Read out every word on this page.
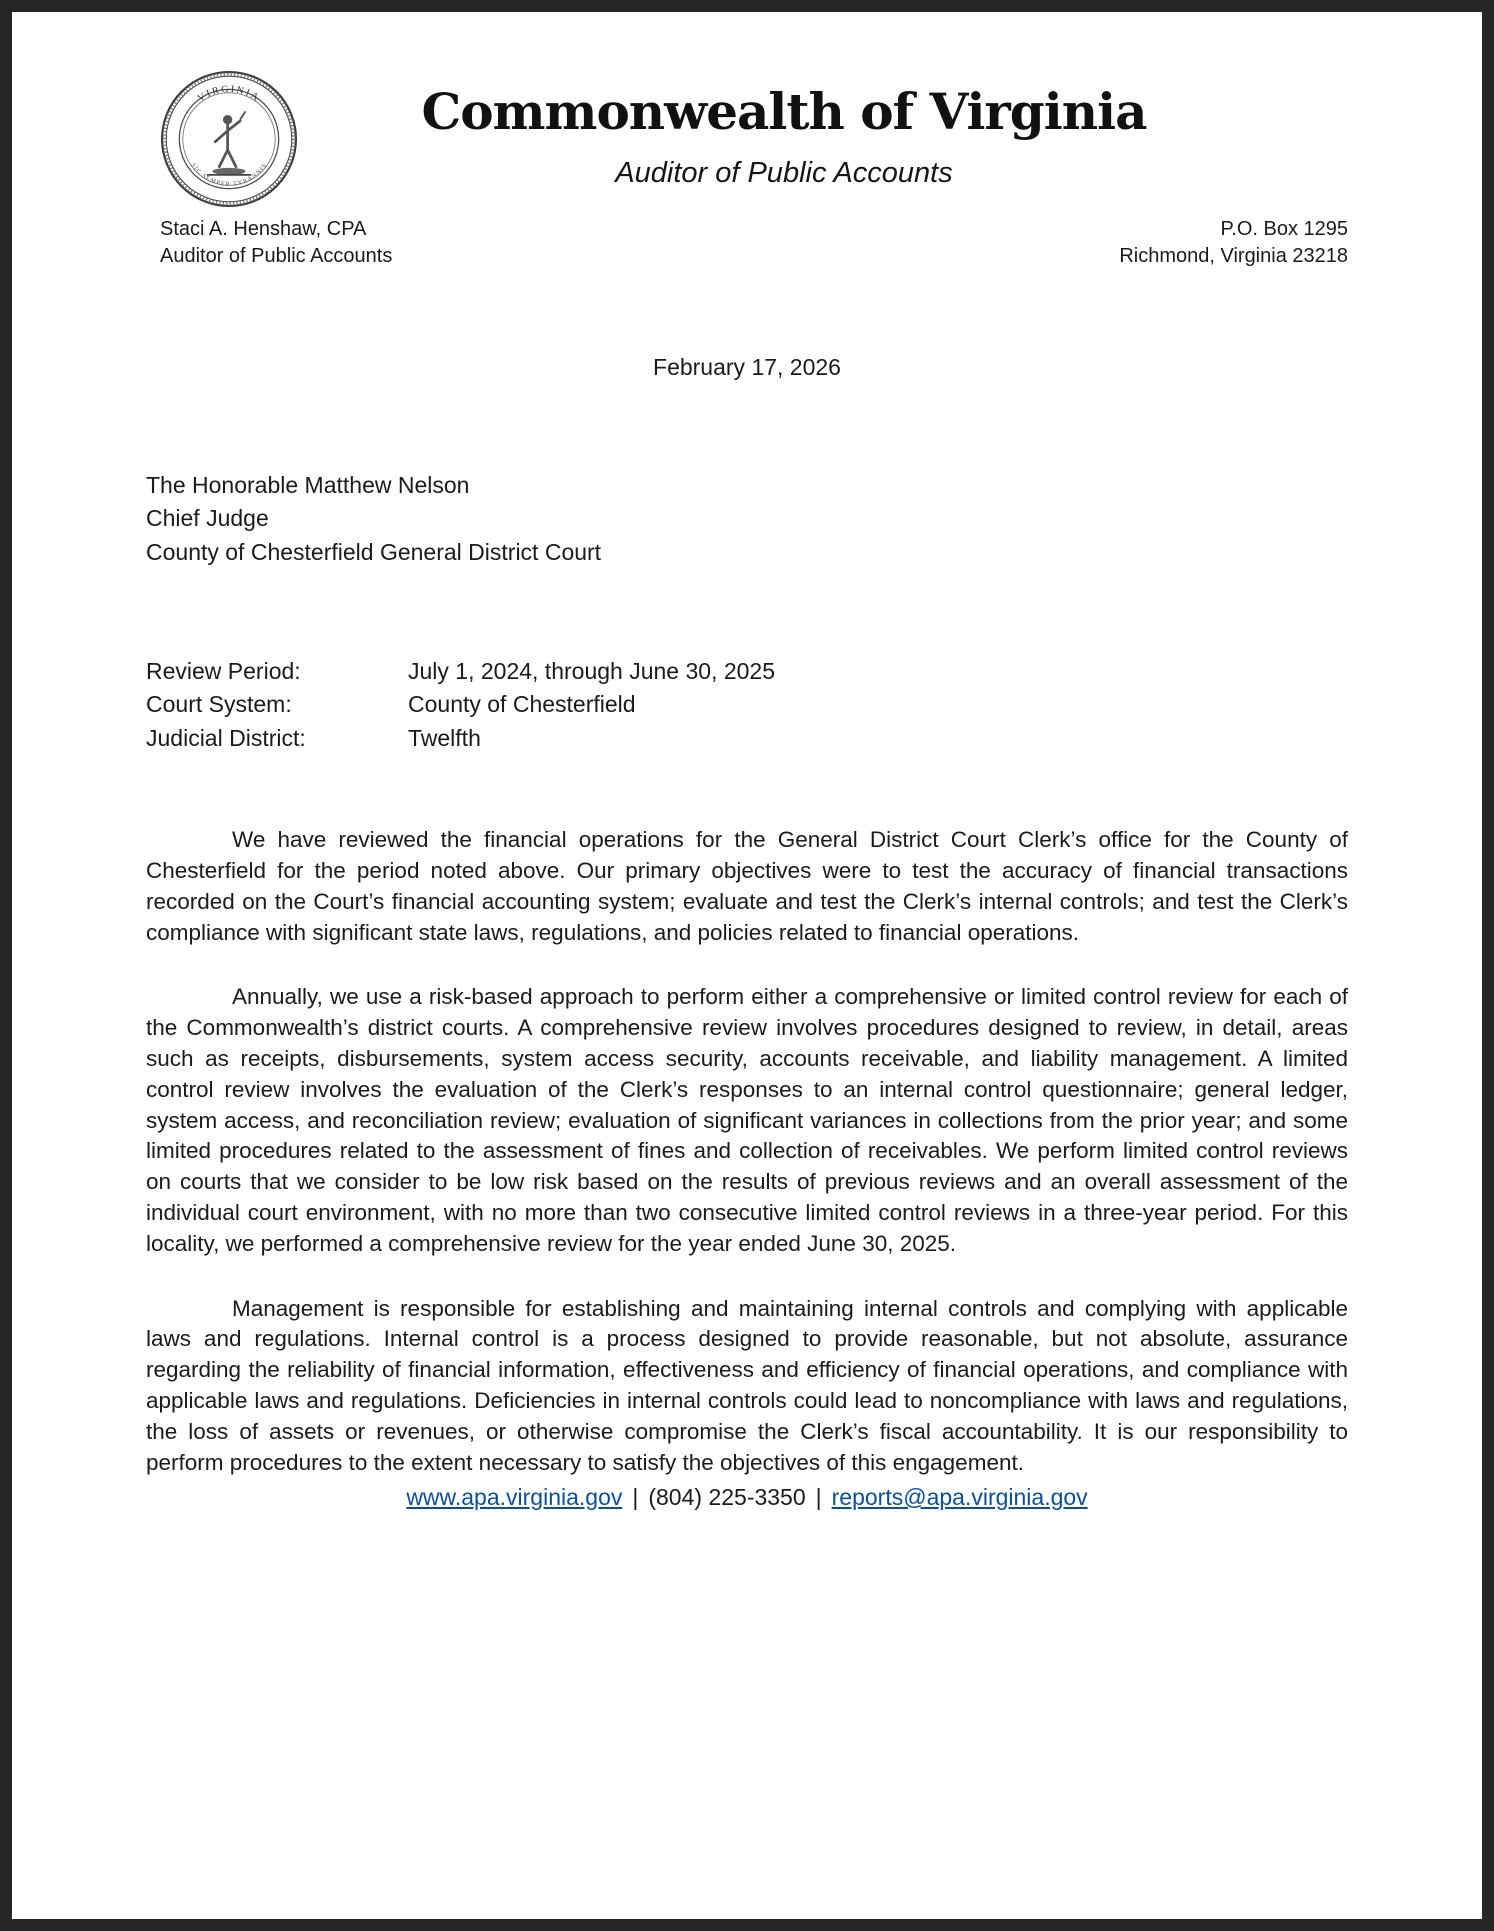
VIRGINIA
SIC SEMPER TYRANNIS
Commonwealth of Virginia
Auditor of Public Accounts
Staci A. Henshaw, CPA
Auditor of Public Accounts
P.O. Box 1295
Richmond, Virginia 23218
February 17, 2026
The Honorable Matthew Nelson
Chief Judge
County of Chesterfield General District Court
Review Period:	July 1, 2024, through June 30, 2025
Court System:	County of Chesterfield
Judicial District:	Twelfth

We have reviewed the financial operations for the General District Court Clerk’s office for the County of Chesterfield for the period noted above. Our primary objectives were to test the accuracy of financial transactions recorded on the Court’s financial accounting system; evaluate and test the Clerk’s internal controls; and test the Clerk’s compliance with significant state laws, regulations, and policies related to financial operations.

Annually, we use a risk-based approach to perform either a comprehensive or limited control review for each of the Commonwealth’s district courts. A comprehensive review involves procedures designed to review, in detail, areas such as receipts, disbursements, system access security, accounts receivable, and liability management. A limited control review involves the evaluation of the Clerk’s responses to an internal control questionnaire; general ledger, system access, and reconciliation review; evaluation of significant variances in collections from the prior year; and some limited procedures related to the assessment of fines and collection of receivables. We perform limited control reviews on courts that we consider to be low risk based on the results of previous reviews and an overall assessment of the individual court environment, with no more than two consecutive limited control reviews in a three-year period. For this locality, we performed a comprehensive review for the year ended June 30, 2025.

Management is responsible for establishing and maintaining internal controls and complying with applicable laws and regulations. Internal control is a process designed to provide reasonable, but not absolute, assurance regarding the reliability of financial information, effectiveness and efficiency of financial operations, and compliance with applicable laws and regulations. Deficiencies in internal controls could lead to noncompliance with laws and regulations, the loss of assets or revenues, or otherwise compromise the Clerk’s fiscal accountability. It is our responsibility to perform procedures to the extent necessary to satisfy the objectives of this engagement.

www.apa.virginia.gov | (804) 225-3350 | reports@apa.virginia.gov
